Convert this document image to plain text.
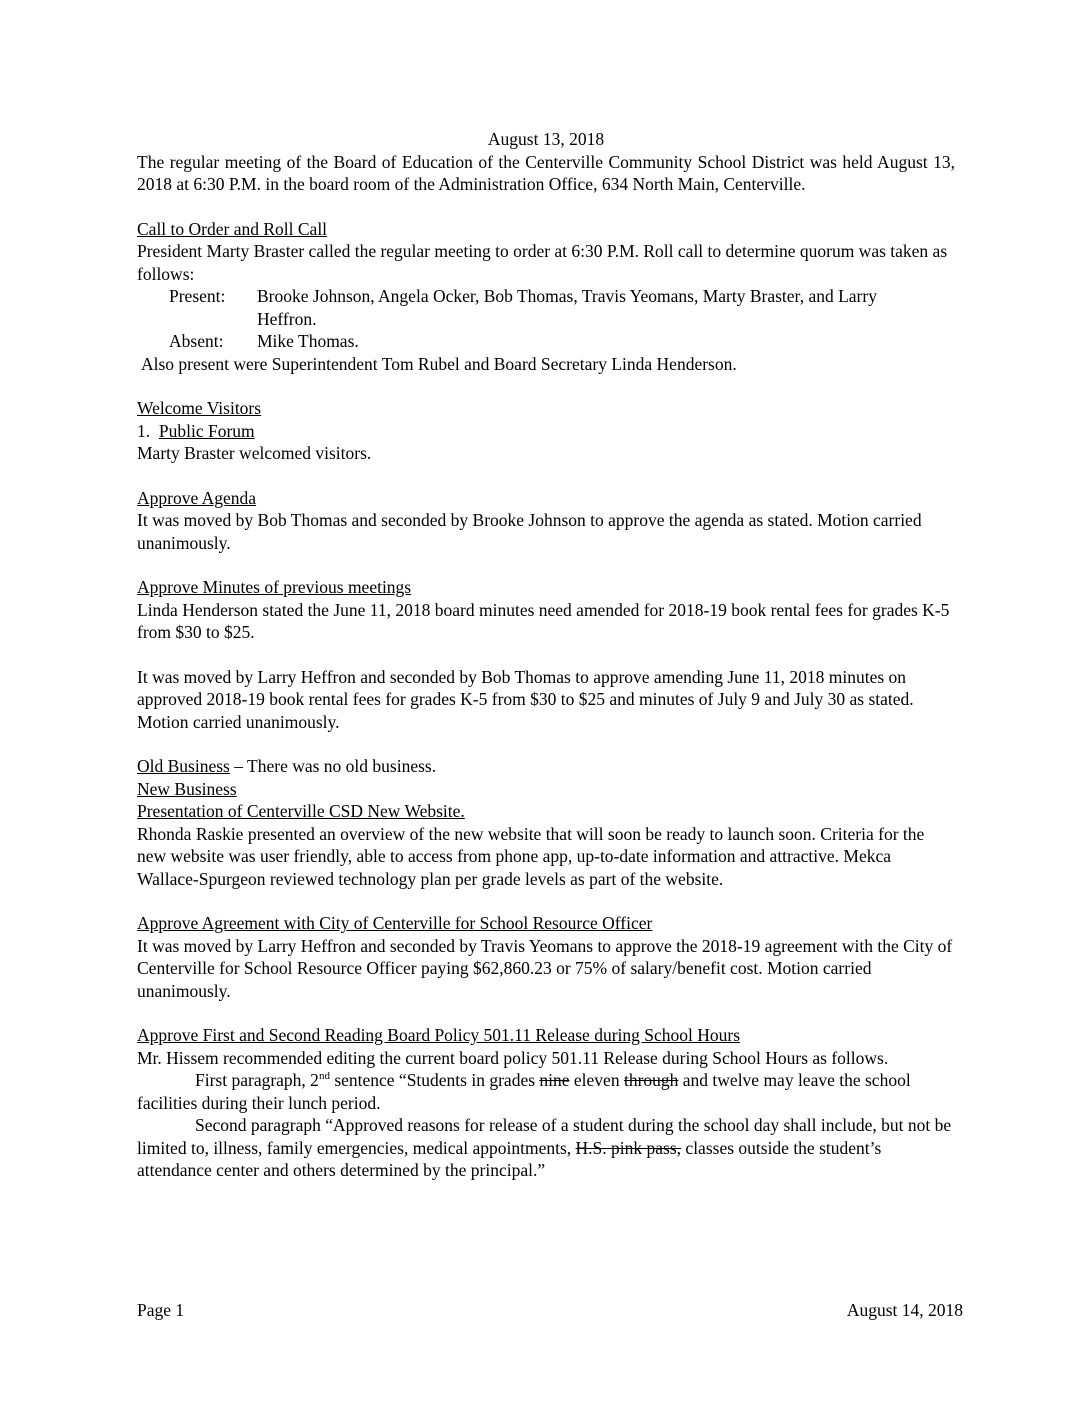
August 13, 2018

The regular meeting of the Board of Education of the Centerville Community School District was held August 13, 2018 at 6:30 P.M. in the board room of the Administration Office, 634 North Main, Centerville.

Call to Order and Roll Call

President Marty Braster called the regular meeting to order at 6:30 P.M. Roll call to determine quorum was taken as follows:

Present:	Brooke Johnson, Angela Ocker, Bob Thomas, Travis Yeomans, Marty Braster, and Larry Heffron.
Absent:	Mike Thomas.

Also present were Superintendent Tom Rubel and Board Secretary Linda Henderson.

Welcome Visitors

1. Public Forum

Marty Braster welcomed visitors.

Approve Agenda

It was moved by Bob Thomas and seconded by Brooke Johnson to approve the agenda as stated. Motion carried unanimously.

Approve Minutes of previous meetings

Linda Henderson stated the June 11, 2018 board minutes need amended for 2018-19 book rental fees for grades K-5 from $30 to $25.

It was moved by Larry Heffron and seconded by Bob Thomas to approve amending June 11, 2018 minutes on approved 2018-19 book rental fees for grades K-5 from $30 to $25 and minutes of July 9 and July 30 as stated. Motion carried unanimously.

Old Business – There was no old business.

New Business

Presentation of Centerville CSD New Website.

Rhonda Raskie presented an overview of the new website that will soon be ready to launch soon. Criteria for the new website was user friendly, able to access from phone app, up-to-date information and attractive. Mekca Wallace-Spurgeon reviewed technology plan per grade levels as part of the website.

Approve Agreement with City of Centerville for School Resource Officer

It was moved by Larry Heffron and seconded by Travis Yeomans to approve the 2018-19 agreement with the City of Centerville for School Resource Officer paying $62,860.23 or 75% of salary/benefit cost. Motion carried unanimously.

Approve First and Second Reading Board Policy 501.11 Release during School Hours

Mr. Hissem recommended editing the current board policy 501.11 Release during School Hours as follows.

First paragraph, 2nd sentence “Students in grades nine eleven through and twelve may leave the school facilities during their lunch period.

Second paragraph “Approved reasons for release of a student during the school day shall include, but not be limited to, illness, family emergencies, medical appointments, H.S. pink pass, classes outside the student’s attendance center and others determined by the principal.”

Page 1	August 14, 2018
